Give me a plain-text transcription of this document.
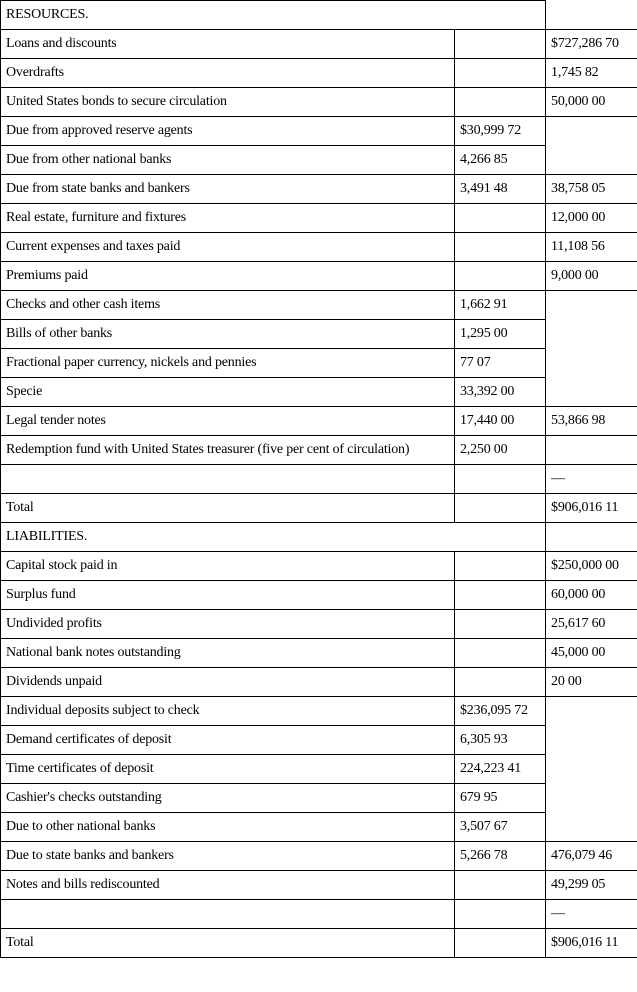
RESOURCES.		
Loans and discounts		$727,286 70
Overdrafts		1,745 82
United States bonds to secure circulation		50,000 00
Due from approved reserve agents	$30,999 72	
Due from other national banks	4,266 85	
Due from state banks and bankers	3,491 48	38,758 05
Real estate, furniture and fixtures		12,000 00
Current expenses and taxes paid		11,108 56
Premiums paid		9,000 00
Checks and other cash items	1,662 91	
Bills of other banks	1,295 00	
Fractional paper currency, nickels and pennies	77 07	
Specie	33,392 00	
Legal tender notes	17,440 00	53,866 98
Redemption fund with United States treasurer (five per cent of circulation)	2,250 00	
		—
Total		$906,016 11
LIABILITIES.		
Capital stock paid in		$250,000 00
Surplus fund		60,000 00
Undivided profits		25,617 60
National bank notes outstanding		45,000 00
Dividends unpaid		20 00
Individual deposits subject to check	$236,095 72	
Demand certificates of deposit	6,305 93	
Time certificates of deposit	224,223 41	
Cashier's checks outstanding	679 95	
Due to other national banks	3,507 67	
Due to state banks and bankers	5,266 78	476,079 46
Notes and bills rediscounted		49,299 05
		—
Total		$906,016 11
